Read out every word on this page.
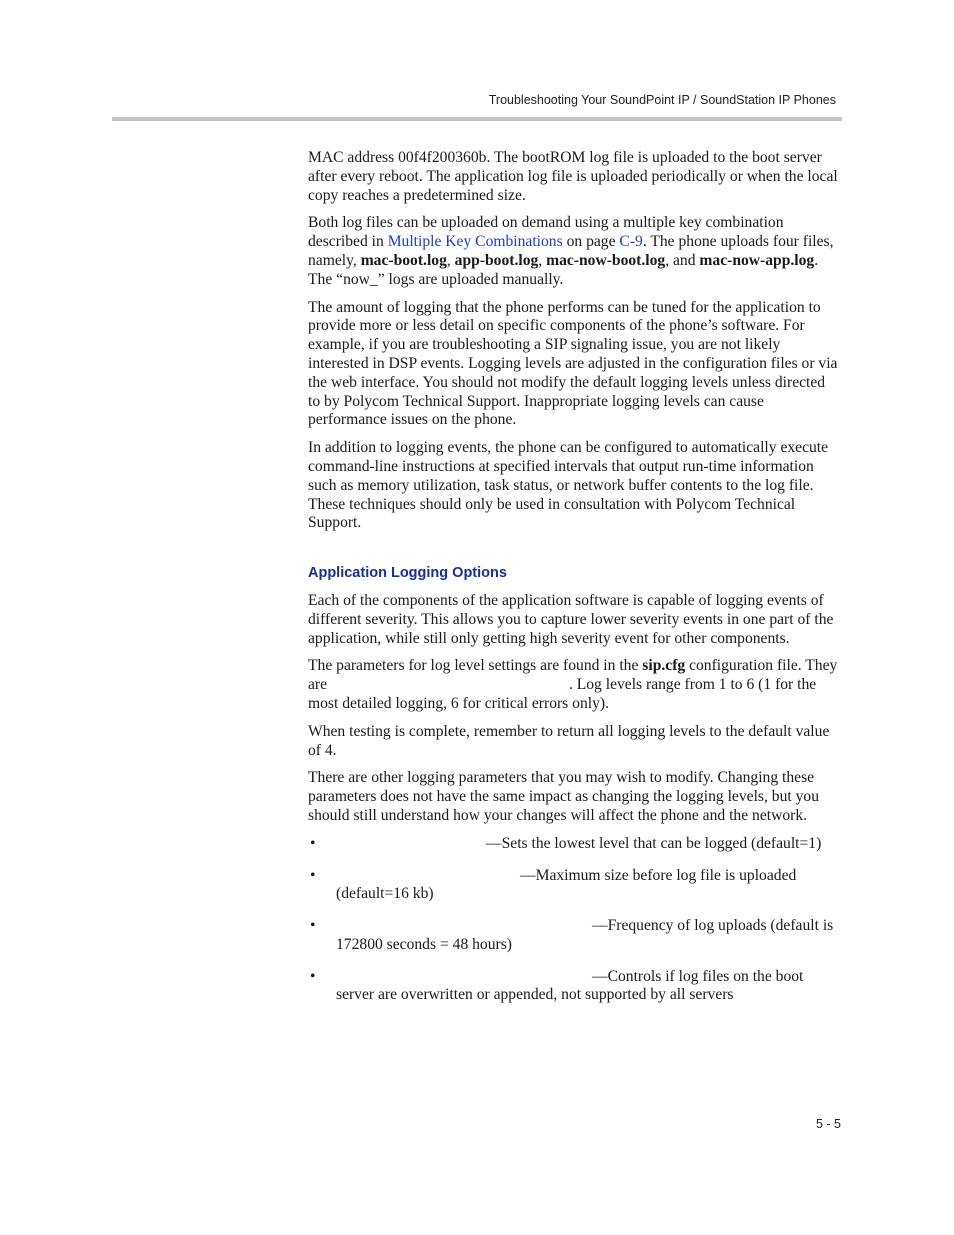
Troubleshooting Your SoundPoint IP / SoundStation IP Phones

MAC address 00f4f200360b. The bootROM log file is uploaded to the boot server after every reboot. The application log file is uploaded periodically or when the local copy reaches a predetermined size.

Both log files can be uploaded on demand using a multiple key combination described in Multiple Key Combinations on page C-9. The phone uploads four files, namely, mac-boot.log, app-boot.log, mac-now-boot.log, and mac-now-app.log. The “now_” logs are uploaded manually.

The amount of logging that the phone performs can be tuned for the application to provide more or less detail on specific components of the phone’s software. For example, if you are troubleshooting a SIP signaling issue, you are not likely interested in DSP events. Logging levels are adjusted in the configuration files or via the web interface. You should not modify the default logging levels unless directed to by Polycom Technical Support. Inappropriate logging levels can cause performance issues on the phone.

In addition to logging events, the phone can be configured to automatically execute command-line instructions at specified intervals that output run-time information such as memory utilization, task status, or network buffer contents to the log file. These techniques should only be used in consultation with Polycom Technical Support.

Application Logging Options

Each of the components of the application software is capable of logging events of different severity. This allows you to capture lower severity events in one part of the application, while still only getting high severity event for other components.

The parameters for log level settings are found in the sip.cfg configuration file. They are	. Log levels range from 1 to 6 (1 for the most detailed logging, 6 for critical errors only).

When testing is complete, remember to return all logging levels to the default value of 4.

There are other logging parameters that you may wish to modify. Changing these parameters does not have the same impact as changing the logging levels, but you should still understand how your changes will affect the phone and the network.

•	—Sets the lowest level that can be logged (default=1)
•	—Maximum size before log file is uploaded (default=16 kb)
•	—Frequency of log uploads (default is 172800 seconds = 48 hours)
•	—Controls if log files on the boot server are overwritten or appended, not supported by all servers
5 - 5
